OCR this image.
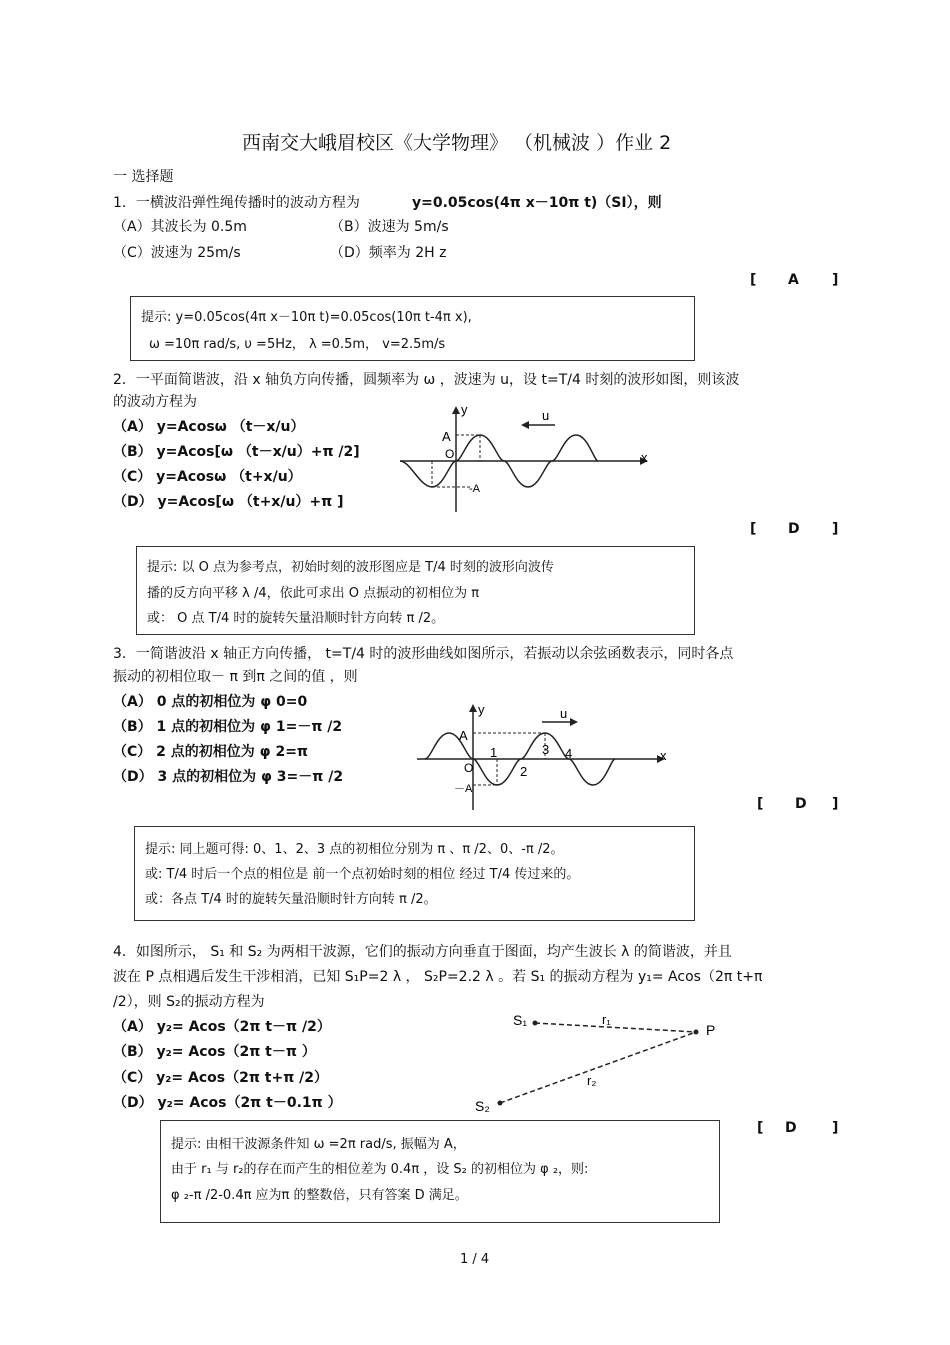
西南交大峨眉校区《大学物理》 （机械波 ）作业 2
一 选择题
1．一横波沿弹性绳传播时的波动方程为	y=0.05cos(4π x－10π t)（SI），则
（A）其波长为 0.5m	（B）波速为 5m/s
（C）波速为 25m/s	（D）频率为 2H z
[ A ]
提示: y=0.05cos(4π x－10π t)=0.05cos(10π t-4π x),
ω =10π rad/s, υ =5Hz， λ =0.5m， v=2.5m/s
2．一平面简谐波，沿 x 轴负方向传播，圆频率为 ω ，波速为 u，设 t=T/4 时刻的波形如图，则该波
的波动方程为
（A） y=Acosω （t－x/u）
（B） y=Acos[ω （t－x/u）+π /2]
（C） y=Acosω （t+x/u）
（D） y=Acos[ω （t+x/u）+π ]
y	u
A
O	x
-A
[ D ]
提示: 以 O 点为参考点，初始时刻的波形图应是 T/4 时刻的波形向波传
播的反方向平移 λ /4，依此可求出 O 点振动的初相位为 π
或： O 点 T/4 时的旋转矢量沿顺时针方向转 π /2。
3．一简谐波沿 x 轴正方向传播， t=T/4 时的波形曲线如图所示，若振动以余弦函数表示，同时各点
振动的初相位取－ π 到π 之间的值 ，则
（A） 0 点的初相位为 φ 0=0
（B） 1 点的初相位为 φ 1=－π /2
（C） 2 点的初相位为 φ 2=π
（D） 3 点的初相位为 φ 3=－π /2
y	u
A
O
x
－A
1
2
3 4
[ D ]
提示: 同上题可得: 0、1、2、3 点的初相位分别为 π 、π /2、0、-π /2。
或: T/4 时后一个点的相位是 前一个点初始时刻的相位 经过 T/4 传过来的。
或：各点 T/4 时的旋转矢量沿顺时针方向转 π /2。
4．如图所示， S₁ 和 S₂ 为两相干波源，它们的振动方向垂直于图面，均产生波长 λ 的简谐波，并且
波在 P 点相遇后发生干涉相消，已知 S₁P=2 λ ， S₂P=2.2 λ 。若 S₁ 的振动方程为 y₁= Acos（2π t+π
/2），则 S₂的振动方程为
（A） y₂= Acos（2π t－π /2）
（B） y₂= Acos（2π t－π ）
（C） y₂= Acos（2π t+π /2）
（D） y₂= Acos（2π t－0.1π ）
S₁
S₂
P
r₁
r₂
[ D	]
提示: 由相干波源条件知 ω =2π rad/s, 振幅为 A，
由于 r₁ 与 r₂的存在而产生的相位差为 0.4π ，设 S₂ 的初相位为 φ ₂，则:
φ ₂-π /2-0.4π 应为π 的整数倍，只有答案 D 满足。
1 / 4
